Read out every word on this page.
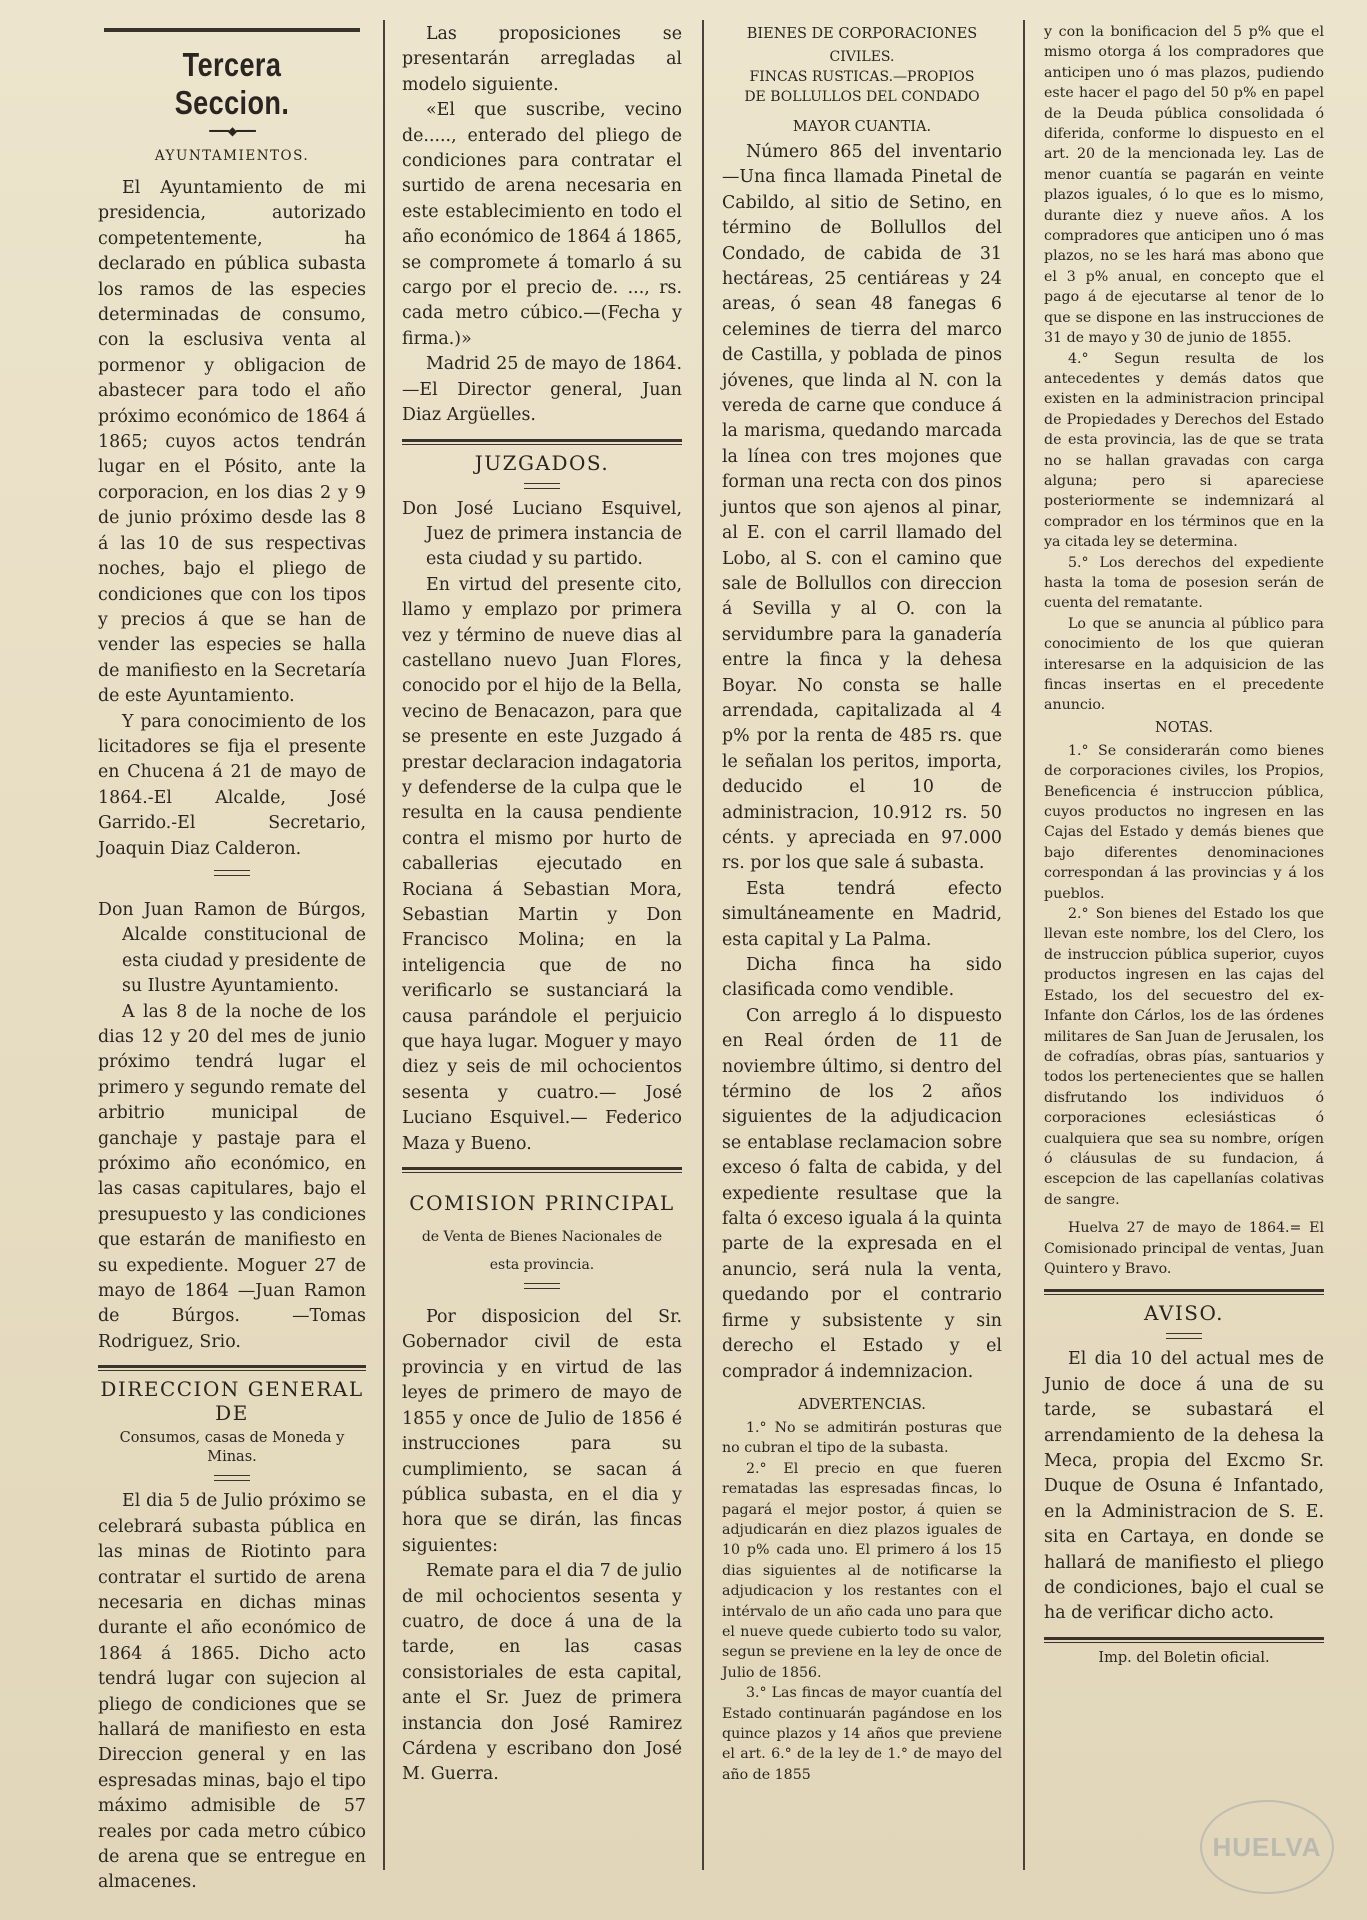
Tercera Seccion.
━━━◆━━━
AYUNTAMIENTOS.

El Ayuntamiento de mi presidencia, autorizado competentemente, ha declarado en pública subasta los ramos de las especies determinadas de consumo, con la esclusiva venta al pormenor y obligacion de abastecer para todo el año próximo económico de 1864 á 1865; cuyos actos tendrán lugar en el Pósito, ante la corporacion, en los dias 2 y 9 de junio próximo desde las 8 á las 10 de sus respectivas noches, bajo el pliego de condiciones que con los tipos y precios á que se han de vender las especies se halla de manifiesto en la Secretaría de este Ayuntamiento.

Y para conocimiento de los licitadores se fija el presente en Chucena á 21 de mayo de 1864.-El Alcalde, José Garrido.-El Secretario, Joaquin Diaz Calderon.

Don Juan Ramon de Búrgos, Alcalde constitucional de esta ciudad y presidente de su Ilustre Ayuntamiento.

A las 8 de la noche de los dias 12 y 20 del mes de junio próximo tendrá lugar el primero y segundo remate del arbitrio municipal de ganchaje y pastaje para el próximo año económico, en las casas capitulares, bajo el presupuesto y las condiciones que estarán de manifiesto en su expediente. Moguer 27 de mayo de 1864 —Juan Ramon de Búrgos. —Tomas Rodriguez, Srio.

DIRECCION GENERAL DE
Consumos, casas de Moneda y Minas.

El dia 5 de Julio próximo se celebrará subasta pública en las minas de Riotinto para contratar el surtido de arena necesaria en dichas minas durante el año económico de 1864 á 1865. Dicho acto tendrá lugar con sujecion al pliego de condiciones que se hallará de manifiesto en esta Direccion general y en las espresadas minas, bajo el tipo máximo admisible de 57 reales por cada metro cúbico de arena que se entregue en almacenes.

Las proposiciones se presentarán arregladas al modelo siguiente.

«El que suscribe, vecino de....., enterado del pliego de condiciones para contratar el surtido de arena necesaria en este establecimiento en todo el año económico de 1864 á 1865, se compromete á tomarlo á su cargo por el precio de. ..., rs. cada metro cúbico.—(Fecha y firma.)»

Madrid 25 de mayo de 1864.—El Director general, Juan Diaz Argüelles.

JUZGADOS.

Don José Luciano Esquivel, Juez de primera instancia de esta ciudad y su partido.

En virtud del presente cito, llamo y emplazo por primera vez y término de nueve dias al castellano nuevo Juan Flores, conocido por el hijo de la Bella, vecino de Benacazon, para que se presente en este Juzgado á prestar declaracion indagatoria y defenderse de la culpa que le resulta en la causa pendiente contra el mismo por hurto de caballerias ejecutado en Rociana á Sebastian Mora, Sebastian Martin y Don Francisco Molina; en la inteligencia que de no verificarlo se sustanciará la causa parándole el perjuicio que haya lugar. Moguer y mayo diez y seis de mil ochocientos sesenta y cuatro.— José Luciano Esquivel.— Federico Maza y Bueno.

COMISION PRINCIPAL
de Venta de Bienes Nacionales de
esta provincia.

Por disposicion del Sr. Gobernador civil de esta provincia y en virtud de las leyes de primero de mayo de 1855 y once de Julio de 1856 é instrucciones para su cumplimiento, se sacan á pública subasta, en el dia y hora que se dirán, las fincas siguientes:

Remate para el dia 7 de julio de mil ochocientos sesenta y cuatro, de doce á una de la tarde, en las casas consistoriales de esta capital, ante el Sr. Juez de primera instancia don José Ramirez Cárdena y escribano don José M. Guerra.

BIENES DE CORPORACIONES
CIVILES.
FINCAS RUSTICAS.—PROPIOS
DE BOLLULLOS DEL CONDADO
MAYOR CUANTIA.

Número 865 del inventario —Una finca llamada Pinetal de Cabildo, al sitio de Setino, en término de Bollullos del Condado, de cabida de 31 hectáreas, 25 centiáreas y 24 areas, ó sean 48 fanegas 6 celemines de tierra del marco de Castilla, y poblada de pinos jóvenes, que linda al N. con la vereda de carne que conduce á la marisma, quedando marcada la línea con tres mojones que forman una recta con dos pinos juntos que son ajenos al pinar, al E. con el carril llamado del Lobo, al S. con el camino que sale de Bollullos con direccion á Sevilla y al O. con la servidumbre para la ganadería entre la finca y la dehesa Boyar. No consta se halle arrendada, capitalizada al 4 p% por la renta de 485 rs. que le señalan los peritos, importa, deducido el 10 de administracion, 10.912 rs. 50 cénts. y apreciada en 97.000 rs. por los que sale á subasta.

Esta tendrá efecto simultáneamente en Madrid, esta capital y La Palma.

Dicha finca ha sido clasificada como vendible.

Con arreglo á lo dispuesto en Real órden de 11 de noviembre último, si dentro del término de los 2 años siguientes de la adjudicacion se entablase reclamacion sobre exceso ó falta de cabida, y del expediente resultase que la falta ó exceso iguala á la quinta parte de la expresada en el anuncio, será nula la venta, quedando por el contrario firme y subsistente y sin derecho el Estado y el comprador á indemnizacion.

ADVERTENCIAS.

1.° No se admitirán posturas que no cubran el tipo de la subasta.

2.° El precio en que fueren rematadas las espresadas fincas, lo pagará el mejor postor, á quien se adjudicarán en diez plazos iguales de 10 p% cada uno. El primero á los 15 dias siguientes al de notificarse la adjudicacion y los restantes con el intérvalo de un año cada uno para que el nueve quede cubierto todo su valor, segun se previene en la ley de once de Julio de 1856.

3.° Las fincas de mayor cuantía del Estado continuarán pagándose en los quince plazos y 14 años que previene el art. 6.° de la ley de 1.° de mayo del año de 1855

y con la bonificacion del 5 p% que el mismo otorga á los compradores que anticipen uno ó mas plazos, pudiendo este hacer el pago del 50 p% en papel de la Deuda pública consolidada ó diferida, conforme lo dispuesto en el art. 20 de la mencionada ley. Las de menor cuantía se pagarán en veinte plazos iguales, ó lo que es lo mismo, durante diez y nueve años. A los compradores que anticipen uno ó mas plazos, no se les hará mas abono que el 3 p% anual, en concepto que el pago á de ejecutarse al tenor de lo que se dispone en las instrucciones de 31 de mayo y 30 de junio de 1855.

4.° Segun resulta de los antecedentes y demás datos que existen en la administracion principal de Propiedades y Derechos del Estado de esta provincia, las de que se trata no se hallan gravadas con carga alguna; pero si apareciese posteriormente se indemnizará al comprador en los términos que en la ya citada ley se determina.

5.° Los derechos del expediente hasta la toma de posesion serán de cuenta del rematante.

Lo que se anuncia al público para conocimiento de los que quieran interesarse en la adquisicion de las fincas insertas en el precedente anuncio.

NOTAS.

1.° Se considerarán como bienes de corporaciones civiles, los Propios, Beneficencia é instruccion pública, cuyos productos no ingresen en las Cajas del Estado y demás bienes que bajo diferentes denominaciones correspondan á las provincias y á los pueblos.

2.° Son bienes del Estado los que llevan este nombre, los del Clero, los de instruccion pública superior, cuyos productos ingresen en las cajas del Estado, los del secuestro del ex-Infante don Cárlos, los de las órdenes militares de San Juan de Jerusalen, los de cofradías, obras pías, santuarios y todos los pertenecientes que se hallen disfrutando los individuos ó corporaciones eclesiásticas ó cualquiera que sea su nombre, orígen ó cláusulas de su fundacion, á escepcion de las capellanías colativas de sangre.

Huelva 27 de mayo de 1864.= El Comisionado principal de ventas, Juan Quintero y Bravo.

AVISO.

El dia 10 del actual mes de Junio de doce á una de su tarde, se subastará el arrendamiento de la dehesa la Meca, propia del Excmo Sr. Duque de Osuna é Infantado, en la Administracion de S. E. sita en Cartaya, en donde se hallará de manifiesto el pliego de condiciones, bajo el cual se ha de verificar dicho acto.

Imp. del Boletin oficial.
HUELVA
